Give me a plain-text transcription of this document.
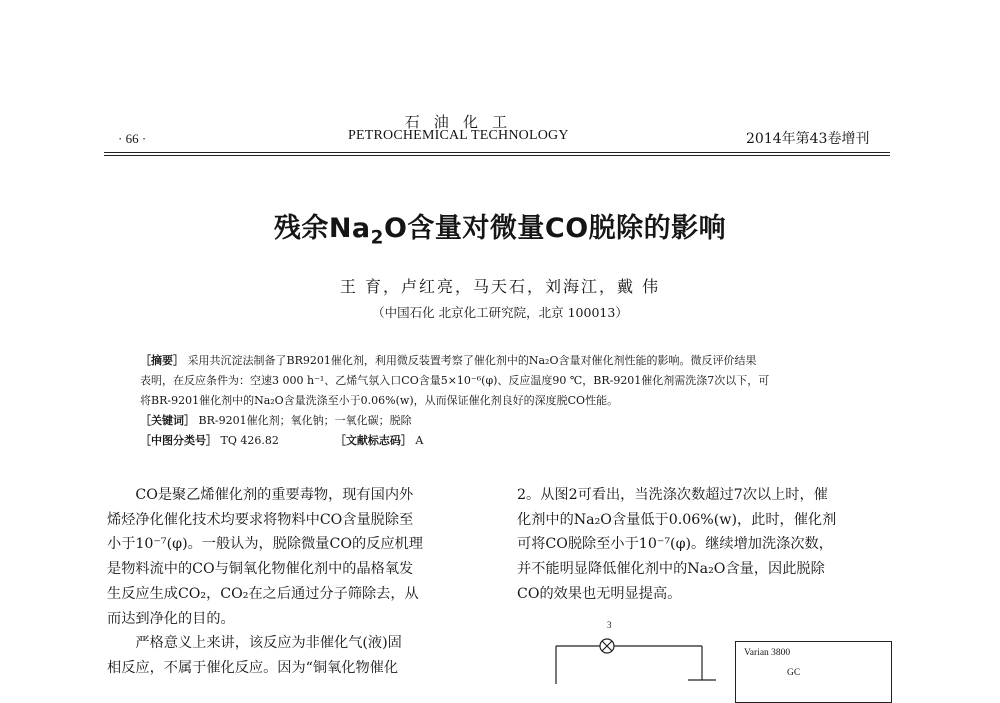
石 油 化 工
· 66 ·	PETROCHEMICAL TECHNOLOGY	2014年第43卷增刊
残余$Na_2O$含量对微量CO脱除的影响
王 育，卢红亮，马天石，刘海江，戴 伟
（中国石化 北京化工研究院，北京 100013）
［摘要］ 采用共沉淀法制备了BR9201催化剂，利用微反装置考察了催化剂中的Na₂O含量对催化剂性能的影响。微反评价结果
表明，在反应条件为：空速3 000 h⁻¹、乙烯气氛入口CO含量5×10⁻⁶(φ)、反应温度90 ℃，BR-9201催化剂需洗涤7次以下，可
将BR-9201催化剂中的Na₂O含量洗涤至小于0.06%(w)，从而保证催化剂良好的深度脱CO性能。
［关键词］ BR-9201催化剂；氧化钠；一氧化碳；脱除
［中图分类号］ TQ 426.82	［文献标志码］ A
　　CO是聚乙烯催化剂的重要毒物，现有国内外
烯烃净化催化技术均要求将物料中CO含量脱除至
小于10⁻⁷(φ)。一般认为，脱除微量CO的反应机理
是物料流中的CO与铜氧化物催化剂中的晶格氧发
生反应生成CO₂，CO₂在之后通过分子筛除去，从
而达到净化的目的。
　　严格意义上来讲，该反应为非催化气(液)固
相反应，不属于催化反应。因为“铜氧化物催化
2。从图2可看出，当洗涤次数超过7次以上时，催
化剂中的Na₂O含量低于0.06%(w)，此时，催化剂
可将CO脱除至小于10⁻⁷(φ)。继续增加洗涤次数，
并不能明显降低催化剂中的Na₂O含量，因此脱除
CO的效果也无明显提高。
3
Varian 3800
GC
